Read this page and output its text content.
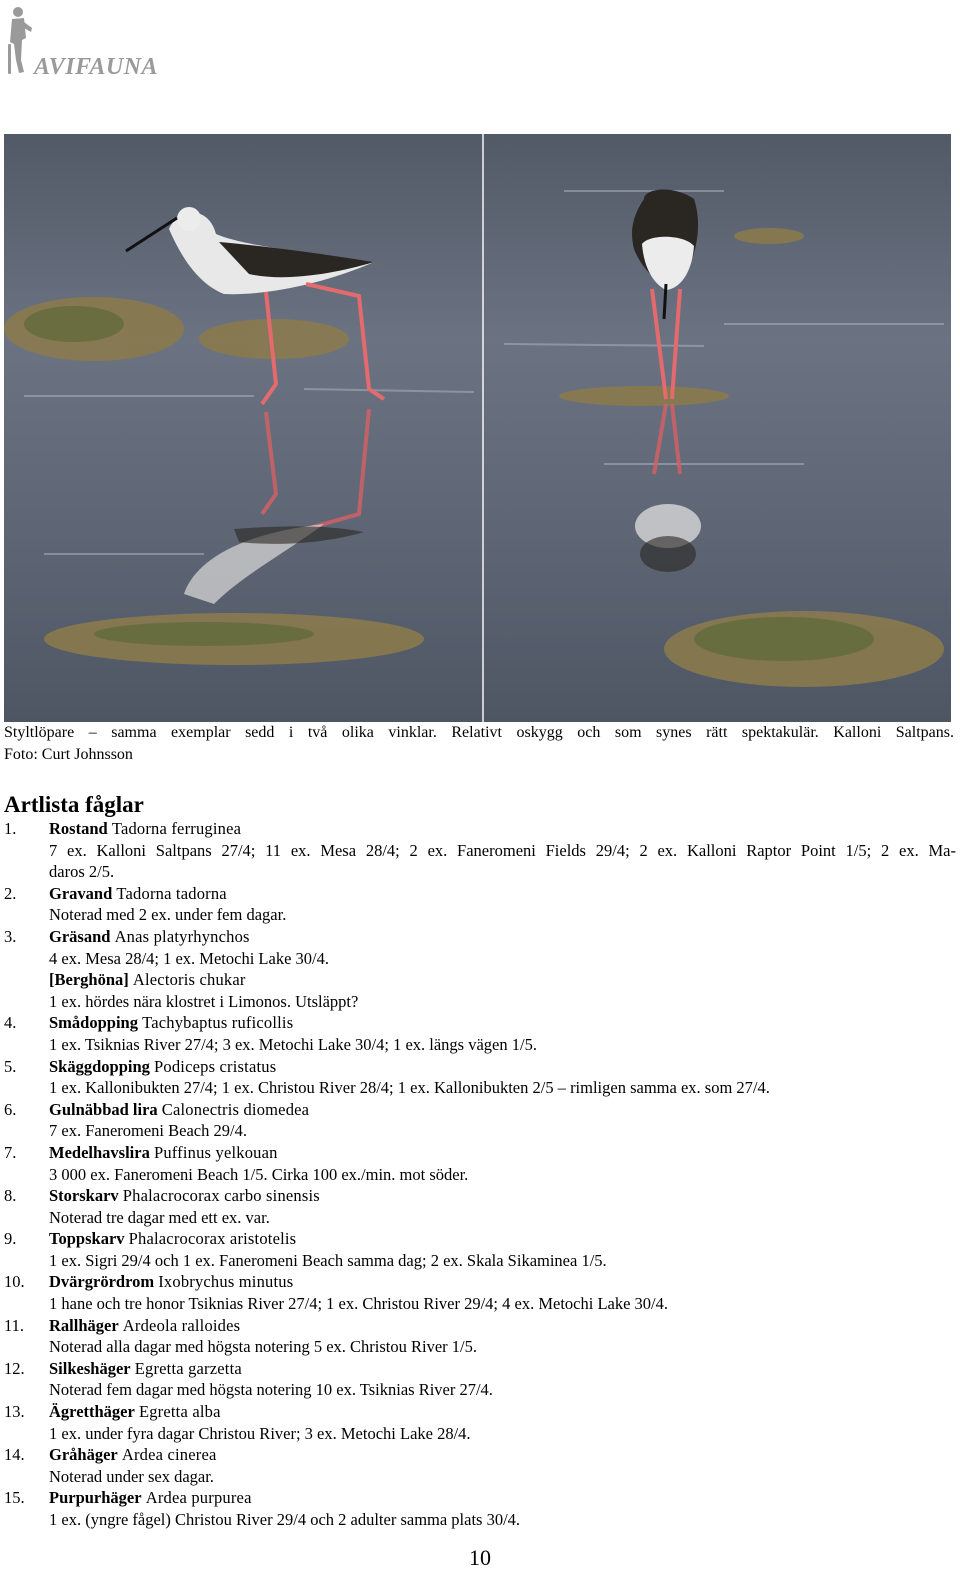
AVIFAUNA
Styltlöpare – samma exemplar sedd i två olika vinklar. Relativt oskygg och som synes rätt spektakulär. Kalloni Saltpans.
Foto: Curt Johnsson
Artlista fåglar
1. Rostand Tadorna ferruginea
7 ex. Kalloni Saltpans 27/4; 11 ex. Mesa 28/4; 2 ex. Faneromeni Fields 29/4; 2 ex. Kalloni Raptor Point 1/5; 2 ex. Ma-
daros 2/5.
2. Gravand Tadorna tadorna
Noterad med 2 ex. under fem dagar.
3. Gräsand Anas platyrhynchos
4 ex. Mesa 28/4; 1 ex. Metochi Lake 30/4.
[Berghöna] Alectoris chukar
1 ex. hördes nära klostret i Limonos. Utsläppt?
4. Smådopping Tachybaptus ruficollis
1 ex. Tsiknias River 27/4; 3 ex. Metochi Lake 30/4; 1 ex. längs vägen 1/5.
5. Skäggdopping Podiceps cristatus
1 ex. Kallonibukten 27/4; 1 ex. Christou River 28/4; 1 ex. Kallonibukten 2/5 – rimligen samma ex. som 27/4.
6. Gulnäbbad lira Calonectris diomedea
7 ex. Faneromeni Beach 29/4.
7. Medelhavslira Puffinus yelkouan
3 000 ex. Faneromeni Beach 1/5. Cirka 100 ex./min. mot söder.
8. Storskarv Phalacrocorax carbo sinensis
Noterad tre dagar med ett ex. var.
9. Toppskarv Phalacrocorax aristotelis
1 ex. Sigri 29/4 och 1 ex. Faneromeni Beach samma dag; 2 ex. Skala Sikaminea 1/5.
10. Dvärgrördrom Ixobrychus minutus
1 hane och tre honor Tsiknias River 27/4; 1 ex. Christou River 29/4; 4 ex. Metochi Lake 30/4.
11. Rallhäger Ardeola ralloides
Noterad alla dagar med högsta notering 5 ex. Christou River 1/5.
12. Silkeshäger Egretta garzetta
Noterad fem dagar med högsta notering 10 ex. Tsiknias River 27/4.
13. Ägretthäger Egretta alba
1 ex. under fyra dagar Christou River; 3 ex. Metochi Lake 28/4.
14. Gråhäger Ardea cinerea
Noterad under sex dagar.
15. Purpurhäger Ardea purpurea
1 ex. (yngre fågel) Christou River 29/4 och 2 adulter samma plats 30/4.
10
